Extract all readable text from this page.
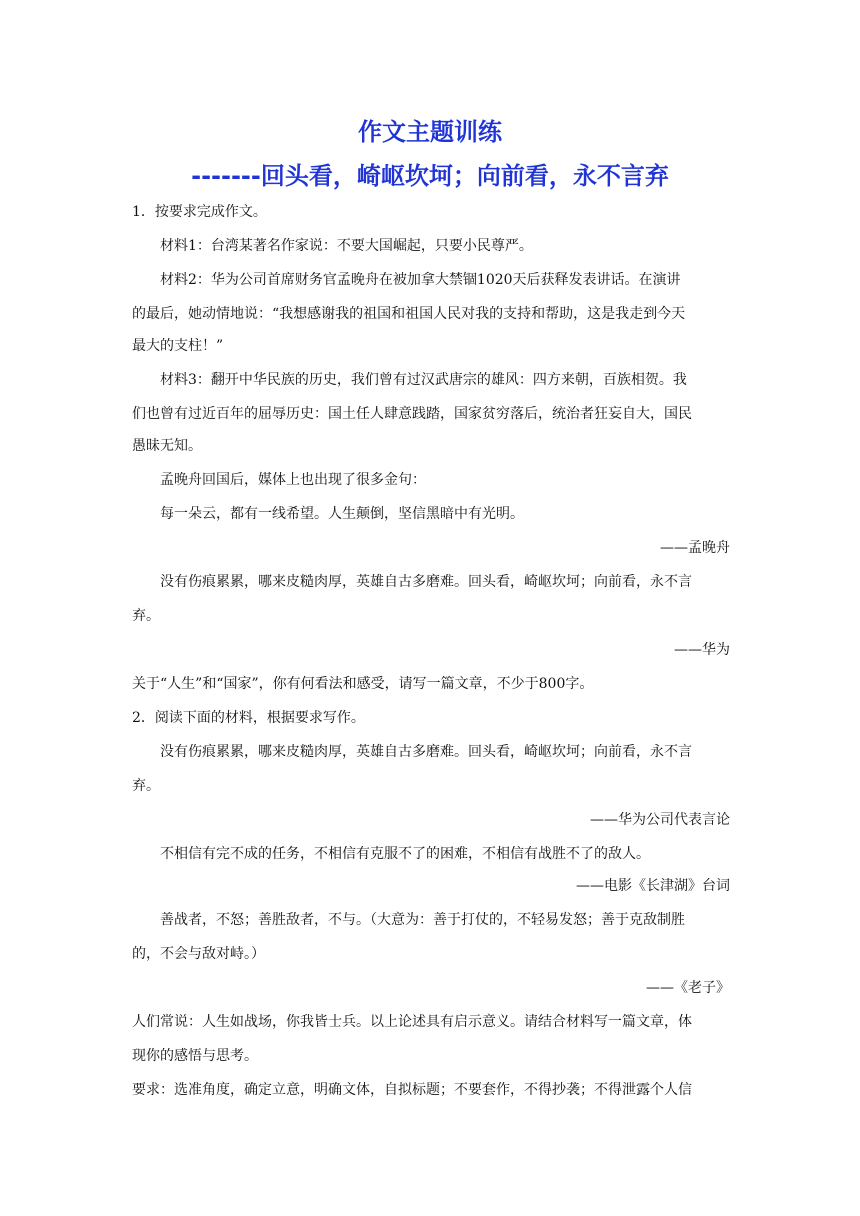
作文主题训练
-------回头看，崎岖坎坷；向前看，永不言弃
1．按要求完成作文。
材料1：台湾某著名作家说：不要大国崛起，只要小民尊严。
材料2：华为公司首席财务官孟晚舟在被加拿大禁锢1020天后获释发表讲话。在演讲
的最后，她动情地说：“我想感谢我的祖国和祖国人民对我的支持和帮助，这是我走到今天
最大的支柱！”
材料3：翻开中华民族的历史，我们曾有过汉武唐宗的雄风：四方来朝，百族相贺。我
们也曾有过近百年的屈辱历史：国土任人肆意践踏，国家贫穷落后，统治者狂妄自大，国民
愚昧无知。
孟晚舟回国后，媒体上也出现了很多金句：
每一朵云，都有一线希望。人生颠倒，坚信黑暗中有光明。
——孟晚舟
没有伤痕累累，哪来皮糙肉厚，英雄自古多磨难。回头看，崎岖坎坷；向前看，永不言
弃。
——华为
关于“人生”和“国家”，你有何看法和感受，请写一篇文章，不少于800字。
2．阅读下面的材料，根据要求写作。
没有伤痕累累，哪来皮糙肉厚，英雄自古多磨难。回头看，崎岖坎坷；向前看，永不言
弃。
——华为公司代表言论
不相信有完不成的任务，不相信有克服不了的困难，不相信有战胜不了的敌人。
——电影《长津湖》台词
善战者，不怒；善胜敌者，不与。（大意为：善于打仗的，不轻易发怒；善于克敌制胜
的，不会与敌对峙。）
——《老子》
人们常说：人生如战场，你我皆士兵。以上论述具有启示意义。请结合材料写一篇文章，体
现你的感悟与思考。
要求：选准角度，确定立意，明确文体，自拟标题；不要套作，不得抄袭；不得泄露个人信
